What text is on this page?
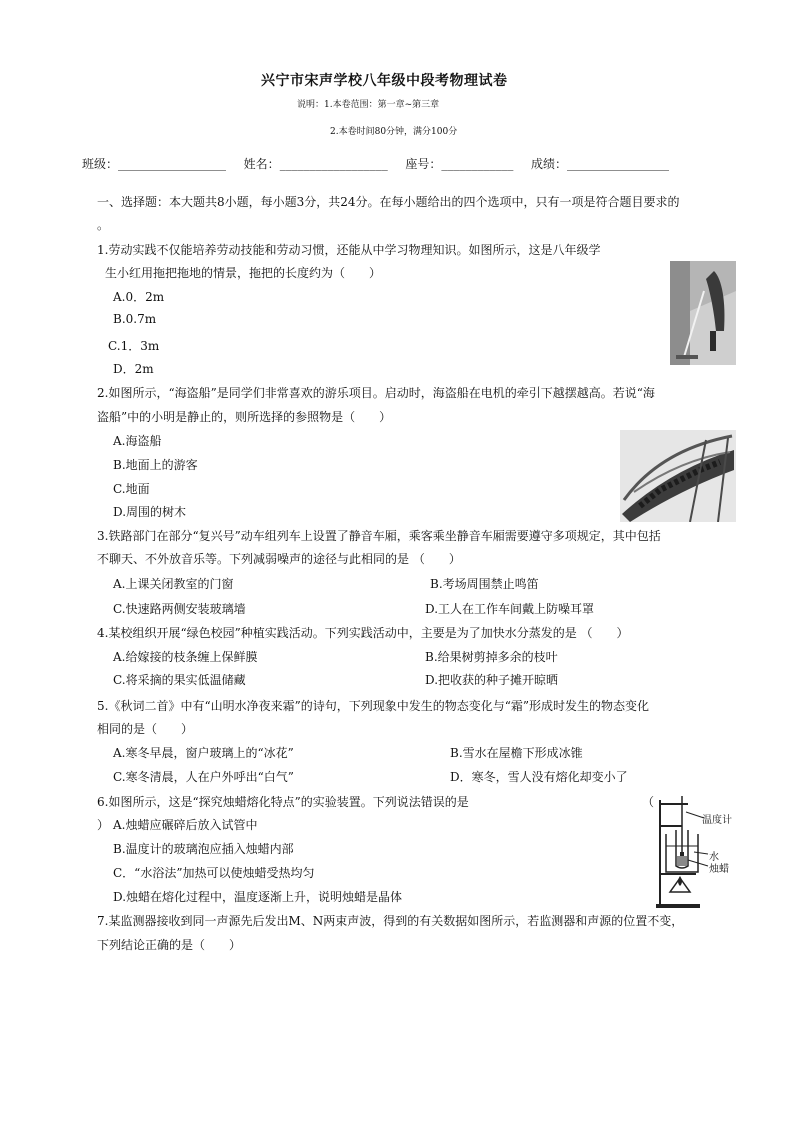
兴宁市宋声学校八年级中段考物理试卷
说明：1.本卷范围：第一章~第三章
2.本卷时间80分钟，满分100分
班级：__________________ 姓名：__________________ 座号：____________ 成绩：_________________
一、选择题：本大题共8小题，每小题3分，共24分。在每小题给出的四个选项中，只有一项是符合题目要求的
。
1.劳动实践不仅能培养劳动技能和劳动习惯，还能从中学习物理知识。如图所示，这是八年级学
生小红用拖把拖地的情景，拖把的长度约为（　　）
A.0．2m
B.0.7m
C.1．3m
D．2m
2.如图所示，“海盗船”是同学们非常喜欢的游乐项目。启动时，海盗船在电机的牵引下越摆越高。若说“海
盗船”中的小明是静止的，则所选择的参照物是（　　）
A.海盗船
B.地面上的游客
C.地面
D.周围的树木
3.铁路部门在部分“复兴号”动车组列车上设置了静音车厢，乘客乘坐静音车厢需要遵守多项规定，其中包括
不聊天、不外放音乐等。下列减弱噪声的途径与此相同的是 （　　）
A.上课关闭教室的门窗	B.考场周围禁止鸣笛
C.快速路两侧安装玻璃墙	D.工人在工作车间戴上防噪耳罩
4.某校组织开展“绿色校园”种植实践活动。下列实践活动中，主要是为了加快水分蒸发的是 （　　）
A.给嫁接的枝条缠上保鲜膜	B.给果树剪掉多余的枝叶
C.将采摘的果实低温储藏	D.把收获的种子摊开晾晒
5.《秋词二首》中有“山明水净夜来霜”的诗句，下列现象中发生的物态变化与“霜”形成时发生的物态变化
相同的是（　　）
A.寒冬早晨，窗户玻璃上的“冰花”	B.雪水在屋檐下形成冰锥
C.寒冬清晨，人在户外呼出“白气”	D．寒冬，雪人没有熔化却变小了
6.如图所示，这是“探究烛蜡熔化特点”的实验装置。下列说法错误的是	（
） A.烛蜡应碾碎后放入试管中
B.温度计的玻璃泡应插入烛蜡内部
C．“水浴法”加热可以使烛蜡受热均匀
D.烛蜡在熔化过程中，温度逐渐上升，说明烛蜡是晶体
温度计
水
烛蜡
7.某监测器接收到同一声源先后发出M、N两束声波，得到的有关数据如图所示，若监测器和声源的位置不变，
下列结论正确的是（　　）
